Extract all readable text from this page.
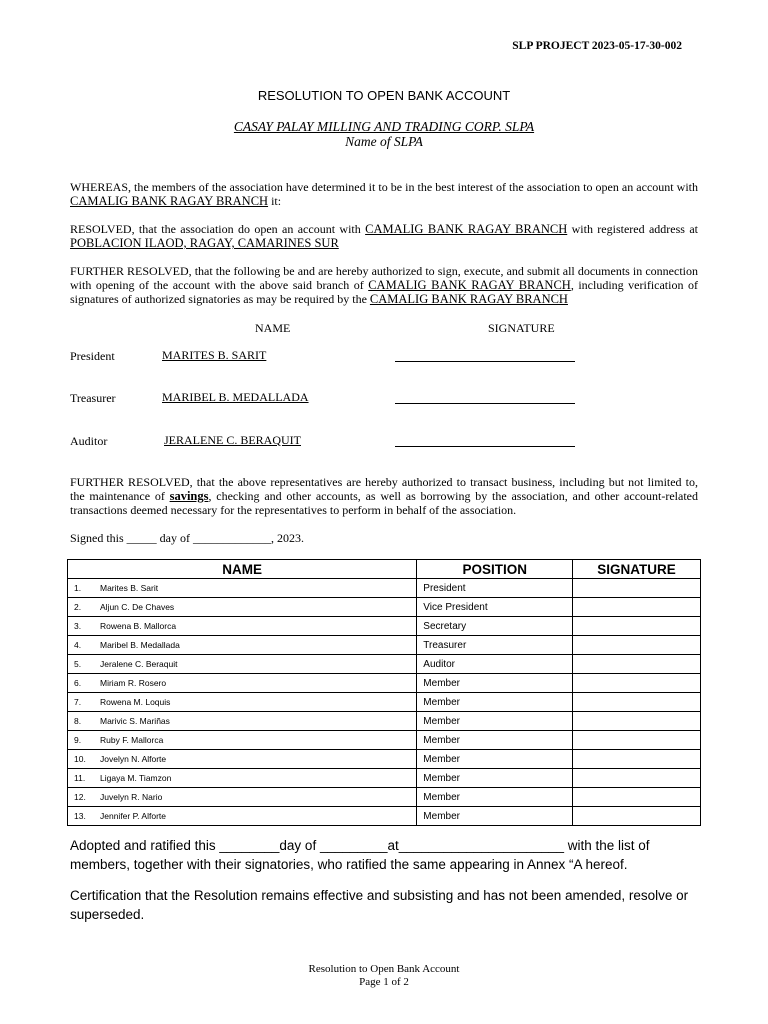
SLP PROJECT 2023-05-17-30-002
RESOLUTION TO OPEN BANK ACCOUNT
CASAY PALAY MILLING AND TRADING CORP. SLPA
Name of SLPA
WHEREAS, the members of the association have determined it to be in the best interest of the association to open an account with CAMALIG BANK RAGAY BRANCH it:
RESOLVED, that the association do open an account with CAMALIG BANK RAGAY BRANCH with registered address at POBLACION ILAOD, RAGAY, CAMARINES SUR
FURTHER RESOLVED, that the following be and are hereby authorized to sign, execute, and submit all documents in connection with opening of the account with the above said branch of CAMALIG BANK RAGAY BRANCH, including verification of signatures of authorized signatories as may be required by the CAMALIG BANK RAGAY BRANCH
NAME	SIGNATURE
President	MARITES B. SARIT
Treasurer	MARIBEL B. MEDALLADA
Auditor	JERALENE C. BERAQUIT
FURTHER RESOLVED, that the above representatives are hereby authorized to transact business, including but not limited to, the maintenance of savings, checking and other accounts, as well as borrowing by the association, and other account-related transactions deemed necessary for the representatives to perform in behalf of the association.
Signed this _____ day of _____________, 2023.
NAME	POSITION	SIGNATURE
1. Marites B. Sarit	President	
2. Aljun C. De Chaves	Vice President	
3. Rowena B. Mallorca	Secretary	
4. Maribel B. Medallada	Treasurer	
5. Jeralene C. Beraquit	Auditor	
6. Miriam R. Rosero	Member	
7. Rowena M. Loquis	Member	
8. Marivic S. Mariñas	Member	
9. Ruby F. Mallorca	Member	
10. Jovelyn N. Alforte	Member	
11. Ligaya M. Tiamzon	Member	
12. Juvelyn R. Nario	Member	
13. Jennifer P. Alforte	Member	
Adopted and ratified this ________day of _________at______________________ with the list of members, together with their signatories, who ratified the same appearing in Annex “A hereof.
Certification that the Resolution remains effective and subsisting and has not been amended, resolve or superseded.
Resolution to Open Bank Account
Page 1 of 2
